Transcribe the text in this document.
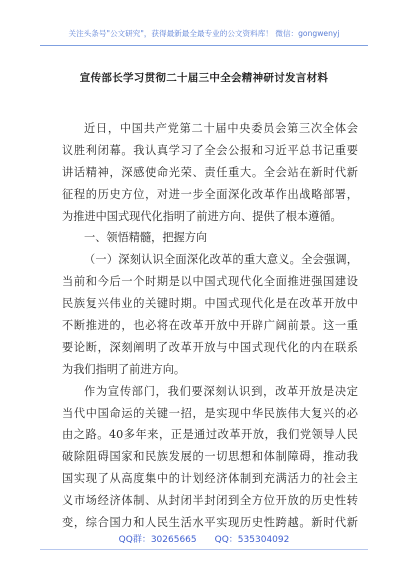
关注头条号"公文研究"，获得最新最全最专业的公文资料库！ 微信：gongwenyj
宣传部长学习贯彻二十届三中全会精神研讨发言材料
近日，中国共产党第二十届中央委员会第三次全体会
议胜利闭幕。我认真学习了全会公报和习近平总书记重要
讲话精神，深感使命光荣、责任重大。全会站在新时代新
征程的历史方位，对进一步全面深化改革作出战略部署，
为推进中国式现代化指明了前进方向、提供了根本遵循。
一、领悟精髓，把握方向
（一）深刻认识全面深化改革的重大意义。全会强调，
当前和今后一个时期是以中国式现代化全面推进强国建设
民族复兴伟业的关键时期。中国式现代化是在改革开放中
不断推进的，也必将在改革开放中开辟广阔前景。这一重
要论断，深刻阐明了改革开放与中国式现代化的内在联系
为我们指明了前进方向。
作为宣传部门，我们要深刻认识到，改革开放是决定
当代中国命运的关键一招，是实现中华民族伟大复兴的必
由之路。40多年来，正是通过改革开放，我们党领导人民
破除阻碍国家和民族发展的一切思想和体制障碍，推动我
国实现了从高度集中的计划经济体制到充满活力的社会主
义市场经济体制、从封闭半封闭到全方位开放的历史性转
变，综合国力和人民生活水平实现历史性跨越。新时代新
QQ群：30265665 QQ：535304092
